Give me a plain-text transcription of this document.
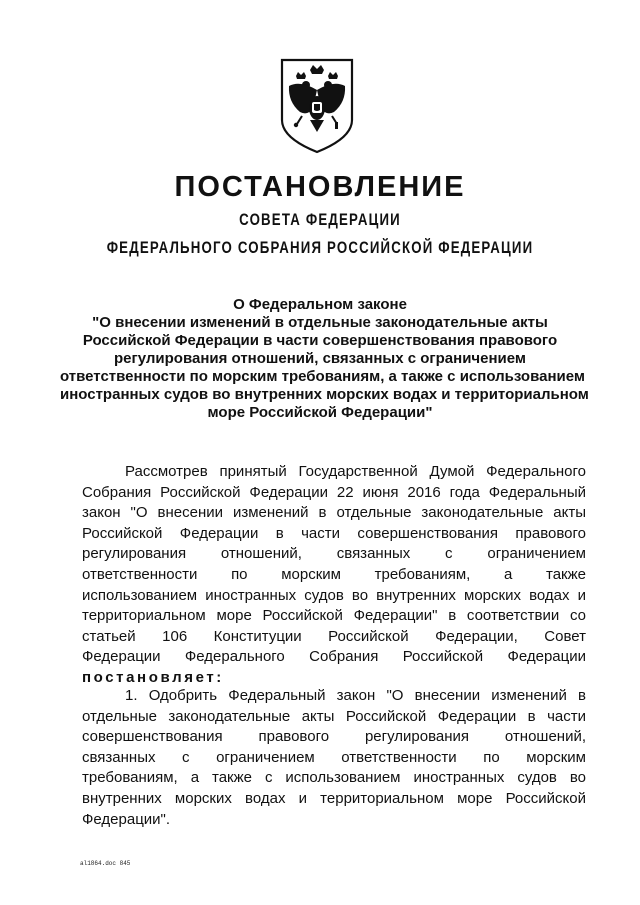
ПОСТАНОВЛЕНИЕ
СОВЕТА ФЕДЕРАЦИИ
ФЕДЕРАЛЬНОГО СОБРАНИЯ РОССИЙСКОЙ ФЕДЕРАЦИИ
О Федеральном законе
"О внесении изменений в отдельные законодательные акты
Российской Федерации в части совершенствования правового
регулирования отношений, связанных с ограничением
ответственности по морским требованиям, а также с использованием
иностранных судов во внутренних морских водах и территориальном
море Российской Федерации"
Рассмотрев принятый Государственной Думой Федерального
Собрания Российской Федерации 22 июня 2016 года Федеральный
закон "О внесении изменений в отдельные законодательные акты
Российской Федерации в части совершенствования правового
регулирования отношений, связанных с ограничением
ответственности по морским требованиям, а также
использованием иностранных судов во внутренних морских водах и
территориальном море Российской Федерации" в соответствии со
статьей 106 Конституции Российской Федерации, Совет
Федерации Федерального Собрания Российской Федерации
постановляет:
1. Одобрить Федеральный закон "О внесении изменений в
отдельные законодательные акты Российской Федерации в части
совершенствования правового регулирования отношений,
связанных с ограничением ответственности по морским
требованиям, а также с использованием иностранных судов во
внутренних морских водах и территориальном море Российской
Федерации".
al1864.doc 845
